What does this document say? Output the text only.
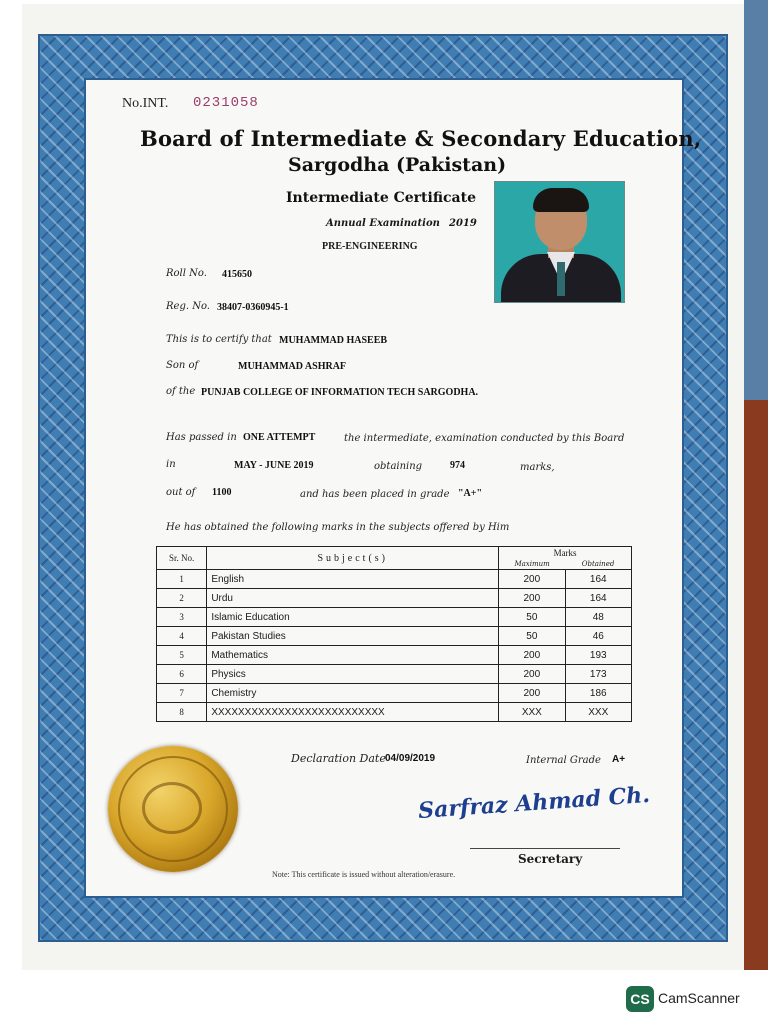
No.INT. 0231058
Board of Intermediate & Secondary Education,
Sargodha (Pakistan)
Intermediate Certificate
Annual Examination 2019
PRE-ENGINEERING
Roll No. 415650
Reg. No. 38407-0360945-1
This is to certify that MUHAMMAD HASEEB
Son of	MUHAMMAD ASHRAF
of the PUNJAB COLLEGE OF INFORMATION TECH SARGODHA.
Has passed in ONE ATTEMPT	the intermediate, examination conducted by this Board
in	MAY - JUNE 2019	obtaining	974	marks,
out of 1100	and has been placed in grade "A+"
He has obtained the following marks in the subjects offered by Him
Sr. No.	Subject(s)	Marks	
		Maximum	Obtained
1	English	200	164
2	Urdu	200	164
3	Islamic Education	50	48
4	Pakistan Studies	50	46
5	Mathematics	200	193
6	Physics	200	173
7	Chemistry	200	186
8	XXXXXXXXXXXXXXXXXXXXXXXXXX	XXX	XXX
Declaration Date 04/09/2019	Internal Grade A+
Sarfraz Ahmad Ch.
Secretary
Note: This certificate is issued without alteration/erasure.
CS CamScanner
